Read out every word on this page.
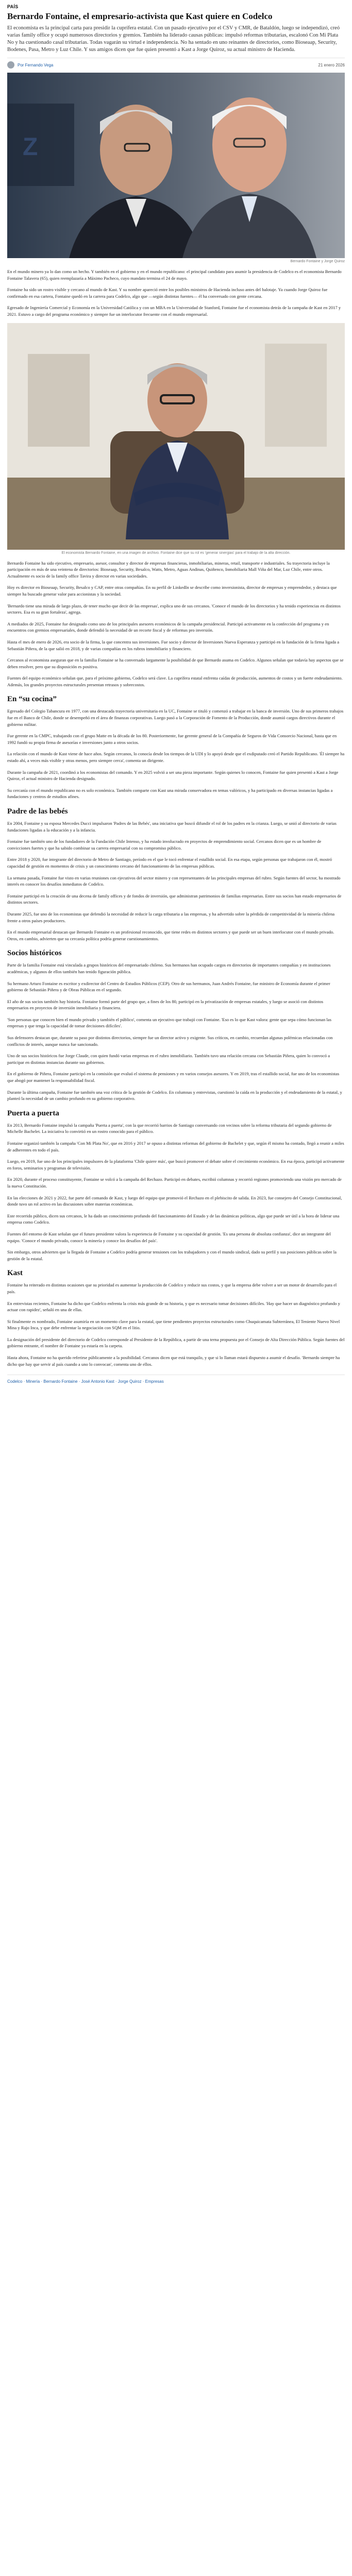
PAÍS
Bernardo Fontaine, el empresario-activista que Kast quiere en Codelco

El economista es la principal carta para presidir la cuprífera estatal. Con un pasado ejecutivo por el CSV y CMR, de Bataldón, luego se independizó, creó varias family office y ocupó numerosos directorios y gremios. También ha liderado causas públicas: impulsó reformas tributarias, escalonó Con Mi Plata No y ha cuestionado casal tributarias. Todas vagarán su virtud e independencia. No ha sentado en uno reinantes de directorios, como Bioseaap, Security, Bodenes, Pasa, Metro y Luz Chile. Y sus amigos dicen que fue quien presentó a Kast a Jorge Quiroz, su actual ministro de Hacienda.

Por Fernando Vega	21 enero 2026
Z
Bernardo Fontaine y Jorge Quiroz

En el mundo minero ya lo dan como un hecho. Y también en el gobierno y en el mundo republicano: el principal candidato para asumir la presidencia de Codelco es el economista Bernardo Fontaine Talavera (65), quien reemplazaría a Máximo Pacheco, cuyo mandato termina el 24 de mayo.

Fontaine ha sido un rostro visible y cercano al mundo de Kast. Y su nombre apareció entre los posibles ministros de Hacienda incluso antes del balotaje. Ya cuando Jorge Quiroz fue confirmado en esa cartera, Fontaine quedó en la carrera para Codelco, algo que —según distintas fuentes— él ha conversado con gente cercana.

Egresado de Ingeniería Comercial y Economía en la Universidad Católica y con un MBA en la Universidad de Stanford, Fontaine fue el economista detrás de la campaña de Kast en 2017 y 2021. Estuvo a cargo del programa económico y siempre fue un interlocutor frecuente con el mundo empresarial.

El economista Bernardo Fontaine, en una imagen de archivo. Fontaine dice que su rol es 'generar sinergias' para el trabajo de la alta dirección.

Bernardo Fontaine ha sido ejecutivo, empresario, asesor, consultor y director de empresas financieras, inmobiliarias, mineras, retail, transporte e industriales. Su trayectoria incluye la participación en más de una veintena de directorios: Bioseaap, Security, Besalco, Watts, Metro, Aguas Andinas, Quiñenco, Inmobiliaria Mall Viña del Mar, Luz Chile, entre otros. Actualmente es socio de la family office Tavira y director en varias sociedades.

Hoy es director en Bioseaap, Security, Besalco y CAP, entre otras compañías. En su perfil de LinkedIn se describe como inversionista, director de empresas y emprendedor, y destaca que siempre ha buscado generar valor para accionistas y la sociedad.

'Bernardo tiene una mirada de largo plazo, de tener mucho que decir de las empresas', explica uno de sus cercanos. 'Conoce el mundo de los directorios y ha tenido experiencias en distintos sectores. Esa es su gran fortaleza', agrega.

A mediados de 2025, Fontaine fue designado como uno de los principales asesores económicos de la campaña presidencial. Participó activamente en la confección del programa y en encuentros con gremios empresariales, donde defendió la necesidad de un recorte fiscal y de reformas pro inversión.

Hasta el mes de enero de 2026, era socio de la firma, la que concentra sus inversiones. Fue socio y director de Inversiones Nueva Esperanza y participó en la fundación de la firma ligada a Sebastián Piñera, de la que salió en 2018, y de varias compañías en los rubros inmobiliario y financiero.

Cercanos al economista aseguran que en la familia Fontaine se ha conversado largamente la posibilidad de que Bernardo asuma en Codelco. Algunos señalan que todavía hay aspectos que se deben resolver, pero que su disposición es positiva.

Fuentes del equipo económico señalan que, para el próximo gobierno, Codelco será clave. La cuprífera estatal enfrenta caídas de producción, aumentos de costos y un fuerte endeudamiento. Además, los grandes proyectos estructurales presentan retrasos y sobrecostos.

En “su cocina”

Egresado del Colegio Tabancura en 1977, con una destacada trayectoria universitaria en la UC, Fontaine se tituló y comenzó a trabajar en la banca de inversión. Uno de sus primeros trabajos fue en el Banco de Chile, donde se desempeñó en el área de finanzas corporativas. Luego pasó a la Corporación de Fomento de la Producción, donde asumió cargos directivos durante el gobierno militar.

Fue gerente en la CMPC, trabajando con el grupo Matte en la década de los 80. Posteriormente, fue gerente general de la Compañía de Seguros de Vida Consorcio Nacional, hasta que en 1992 fundó su propia firma de asesorías e inversiones junto a otros socios.

La relación con el mundo de Kast viene de hace años. Según cercanos, lo conocía desde los tiempos de la UDI y lo apoyó desde que el exdiputado creó el Partido Republicano. 'Él siempre ha estado ahí, a veces más visible y otras menos, pero siempre cerca', comenta un dirigente.

Durante la campaña de 2021, coordinó a los economistas del comando. Y en 2025 volvió a ser una pieza importante. Según quienes lo conocen, Fontaine fue quien presentó a Kast a Jorge Quiroz, el actual ministro de Hacienda designado.

Su cercanía con el mundo republicano no es solo económica. También comparte con Kast una mirada conservadora en temas valóricos, y ha participado en diversas instancias ligadas a fundaciones y centros de estudios afines.

Padre de las bebés

En 2004, Fontaine y su esposa Mercedes Ducci impulsaron 'Padres de las Bebés', una iniciativa que buscó difundir el rol de los padres en la crianza. Luego, se unió al directorio de varias fundaciones ligadas a la educación y a la infancia.

Fontaine fue también uno de los fundadores de la Fundación Chile Intenso, y ha estado involucrado en proyectos de emprendimiento social. Cercanos dicen que es un hombre de convicciones fuertes y que ha sabido combinar su carrera empresarial con su compromiso público.

Entre 2018 y 2020, fue integrante del directorio de Metro de Santiago, período en el que le tocó enfrentar el estallido social. En esa etapa, según personas que trabajaron con él, mostró capacidad de gestión en momentos de crisis y un conocimiento cercano del funcionamiento de las empresas públicas.

La semana pasada, Fontaine fue visto en varias reuniones con ejecutivos del sector minero y con representantes de las principales empresas del rubro. Según fuentes del sector, ha mostrado interés en conocer los desafíos inmediatos de Codelco.

Fontaine participó en la creación de una decena de family offices y de fondos de inversión, que administran patrimonios de familias empresarias. Entre sus socios han estado empresarios de distintos sectores.

Durante 2025, fue uno de los economistas que defendió la necesidad de reducir la carga tributaria a las empresas, y ha advertido sobre la pérdida de competitividad de la minería chilena frente a otros países productores.

En el mundo empresarial destacan que Bernardo Fontaine es un profesional reconocido, que tiene redes en distintos sectores y que puede ser un buen interlocutor con el mundo privado. Otros, en cambio, advierten que su cercanía política podría generar cuestionamientos.

Socios históricos

Parte de la familia Fontaine está vinculada a grupos históricos del empresariado chileno. Sus hermanos han ocupado cargos en directorios de importantes compañías y en instituciones académicas, y algunos de ellos también han tenido figuración pública.

Su hermano Arturo Fontaine es escritor y exdirector del Centro de Estudios Públicos (CEP). Otro de sus hermanos, Juan Andrés Fontaine, fue ministro de Economía durante el primer gobierno de Sebastián Piñera y de Obras Públicas en el segundo.

El año de sus socios también hay historia. Fontaine formó parte del grupo que, a fines de los 80, participó en la privatización de empresas estatales, y luego se asoció con distintos empresarios en proyectos de inversión inmobiliaria y financiera.

'Son personas que conocen bien el mundo privado y también el público', comenta un ejecutivo que trabajó con Fontaine. 'Eso es lo que Kast valora: gente que sepa cómo funcionan las empresas y que tenga la capacidad de tomar decisiones difíciles'.

Sus defensores destacan que, durante su paso por distintos directorios, siempre fue un director activo y exigente. Sus críticos, en cambio, recuerdan algunas polémicas relacionadas con conflictos de interés, aunque nunca fue sancionado.

Uno de sus socios históricos fue Jorge Claude, con quien fundó varias empresas en el rubro inmobiliario. También tuvo una relación cercana con Sebastián Piñera, quien lo convocó a participar en distintas instancias durante sus gobiernos.

En el gobierno de Piñera, Fontaine participó en la comisión que evaluó el sistema de pensiones y en varios consejos asesores. Y en 2019, tras el estallido social, fue uno de los economistas que abogó por mantener la responsabilidad fiscal.

Durante la última campaña, Fontaine fue también una voz crítica de la gestión de Codelco. En columnas y entrevistas, cuestionó la caída en la producción y el endeudamiento de la estatal, y planteó la necesidad de un cambio profundo en su gobierno corporativo.

Puerta a puerta

En 2013, Bernardo Fontaine impulsó la campaña 'Puerta a puerta', con la que recorrió barrios de Santiago conversando con vecinos sobre la reforma tributaria del segundo gobierno de Michelle Bachelet. La iniciativa lo convirtió en un rostro conocido para el público.

Fontaine organizó también la campaña 'Con Mi Plata No', que en 2016 y 2017 se opuso a distintas reformas del gobierno de Bachelet y que, según él mismo ha contado, llegó a reunir a miles de adherentes en todo el país.

Luego, en 2019, fue uno de los principales impulsores de la plataforma 'Chile quiere más', que buscó promover el debate sobre el crecimiento económico. En esa época, participó activamente en foros, seminarios y programas de televisión.

En 2020, durante el proceso constituyente, Fontaine se volcó a la campaña del Rechazo. Participó en debates, escribió columnas y recorrió regiones promoviendo una visión pro mercado de la nueva Constitución.

En las elecciones de 2021 y 2022, fue parte del comando de Kast, y luego del equipo que promovió el Rechazo en el plebiscito de salida. En 2023, fue consejero del Consejo Constitucional, donde tuvo un rol activo en las discusiones sobre materias económicas.

Este recorrido público, dicen sus cercanos, le ha dado un conocimiento profundo del funcionamiento del Estado y de las dinámicas políticas, algo que puede ser útil a la hora de liderar una empresa como Codelco.

Fuentes del entorno de Kast señalan que el futuro presidente valora la experiencia de Fontaine y su capacidad de gestión. 'Es una persona de absoluta confianza', dice un integrante del equipo. 'Conoce el mundo privado, conoce la minería y conoce los desafíos del país'.

Sin embargo, otros advierten que la llegada de Fontaine a Codelco podría generar tensiones con los trabajadores y con el mundo sindical, dado su perfil y sus posiciones públicas sobre la gestión de la estatal.

Kast

Fontaine ha reiterado en distintas ocasiones que su prioridad es aumentar la producción de Codelco y reducir sus costos, y que la empresa debe volver a ser un motor de desarrollo para el país.

En entrevistas recientes, Fontaine ha dicho que Codelco enfrenta la crisis más grande de su historia, y que es necesario tomar decisiones difíciles. 'Hay que hacer un diagnóstico profundo y actuar con rapidez', señaló en una de ellas.

Si finalmente es nombrado, Fontaine asumiría en un momento clave para la estatal, que tiene pendientes proyectos estructurales como Chuquicamata Subterránea, El Teniente Nuevo Nivel Mina y Rajo Inca, y que debe enfrentar la negociación con SQM en el litio.

La designación del presidente del directorio de Codelco corresponde al Presidente de la República, a partir de una terna propuesta por el Consejo de Alta Dirección Pública. Según fuentes del gobierno entrante, el nombre de Fontaine ya estaría en la carpeta.

Hasta ahora, Fontaine no ha querido referirse públicamente a la posibilidad. Cercanos dicen que está tranquilo, y que si lo llaman estará dispuesto a asumir el desafío. 'Bernardo siempre ha dicho que hay que servir al país cuando a uno lo convocan', comenta uno de ellos.

Codelco · Minería · Bernardo Fontaine · José Antonio Kast · Jorge Quiroz · Empresas
